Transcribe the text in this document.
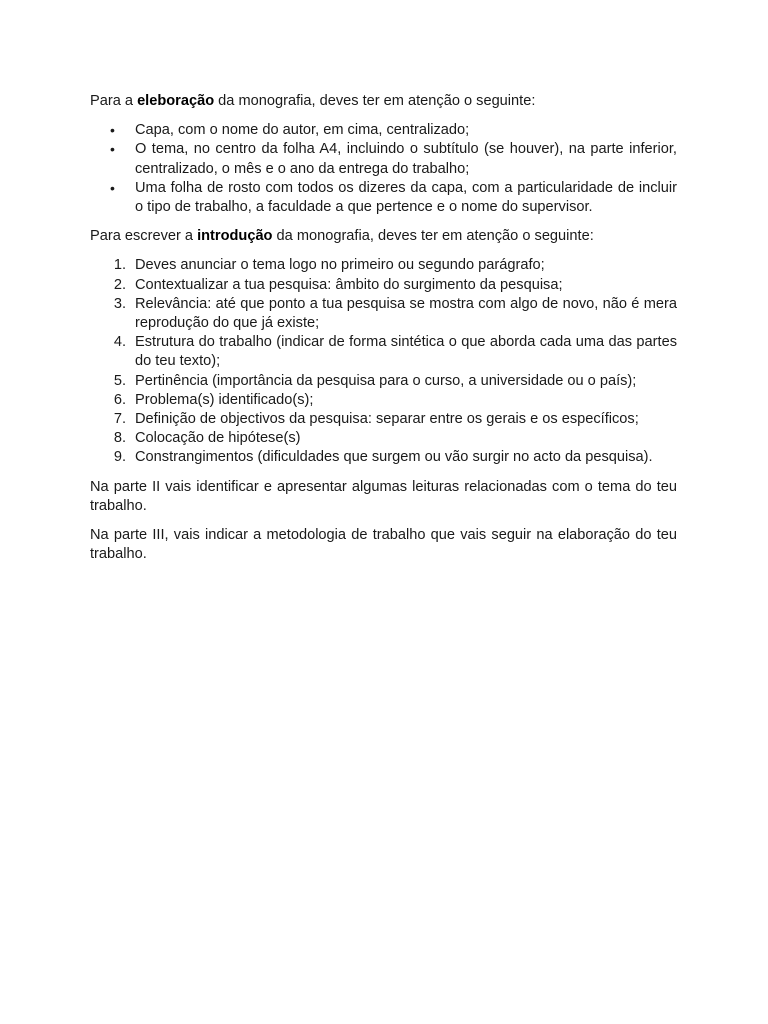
Para a eleboração da monografia, deves ter em atenção o seguinte:

•	Capa, com o nome do autor, em cima, centralizado;
•	O tema, no centro da folha A4, incluindo o subtítulo (se houver), na parte inferior, centralizado, o mês e o ano da entrega do trabalho;
•	Uma folha de rosto com todos os dizeres da capa, com a particularidade de incluir o tipo de trabalho, a faculdade a que pertence e o nome do supervisor.

Para escrever a introdução da monografia, deves ter em atenção o seguinte:

1. Deves anunciar o tema logo no primeiro ou segundo parágrafo;
2. Contextualizar a tua pesquisa: âmbito do surgimento da pesquisa;
3. Relevância: até que ponto a tua pesquisa se mostra com algo de novo, não é mera reprodução do que já existe;
4. Estrutura do trabalho (indicar de forma sintética o que aborda cada uma das partes do teu texto);
5. Pertinência (importância da pesquisa para o curso, a universidade ou o país);
6. Problema(s) identificado(s);
7. Definição de objectivos da pesquisa: separar entre os gerais e os específicos;
8. Colocação de hipótese(s)
9. Constrangimentos (dificuldades que surgem ou vão surgir no acto da pesquisa).

Na parte II vais identificar e apresentar algumas leituras relacionadas com o tema do teu trabalho.

Na parte III, vais indicar a metodologia de trabalho que vais seguir na elaboração do teu trabalho.
